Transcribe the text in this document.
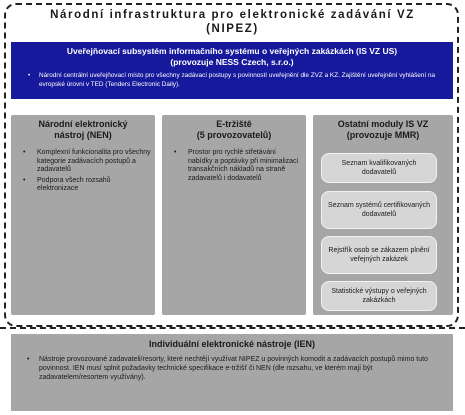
Národní infrastruktura pro elektronické zadávání VZ
(NIPEZ)
Uveřejňovací subsystém informačního systému o veřejných zakázkách (IS VZ US)
(provozuje NESS Czech, s.r.o.)
• Národní centrální uveřejňovací místo pro všechny zadávací postupy s povinností uveřejnění dle ZVZ a KZ. Zajištění uveřejnění vyhlášení na evropské úrovni v TED (Tenders Electronic Daily).
Národní elektronický
nástroj (NEN)
• Komplexní funkcionalita pro všechny kategorie zadávacích postupů a zadavatelů
• Podpora všech rozsahů elektronizace
E-tržiště
(5 provozovatelů)
• Prostor pro rychlé střetávání nabídky a poptávky při minimalizaci transakčních nákladů na straně zadavatelů i dodavatelů
Ostatní moduly IS VZ
(provozuje MMR)
Seznam kvalifikovaných dodavatelů
Seznam systémů certifikovaných dodavatelů
Rejstřík osob se zákazem plnění veřejných zakázek
Statistické výstupy o veřejných zakázkách
Individuální elektronické nástroje (IEN)
• Nástroje provozované zadavateli/resorty, které nechtějí využívat NIPEZ u povinných komodit a zadávacích postupů mimo tuto povinnost. IEN musí splnit požadavky technické specifikace e-tržišť či NEN (dle rozsahu, ve kterém mají být zadavatelem/resortem využívány).
